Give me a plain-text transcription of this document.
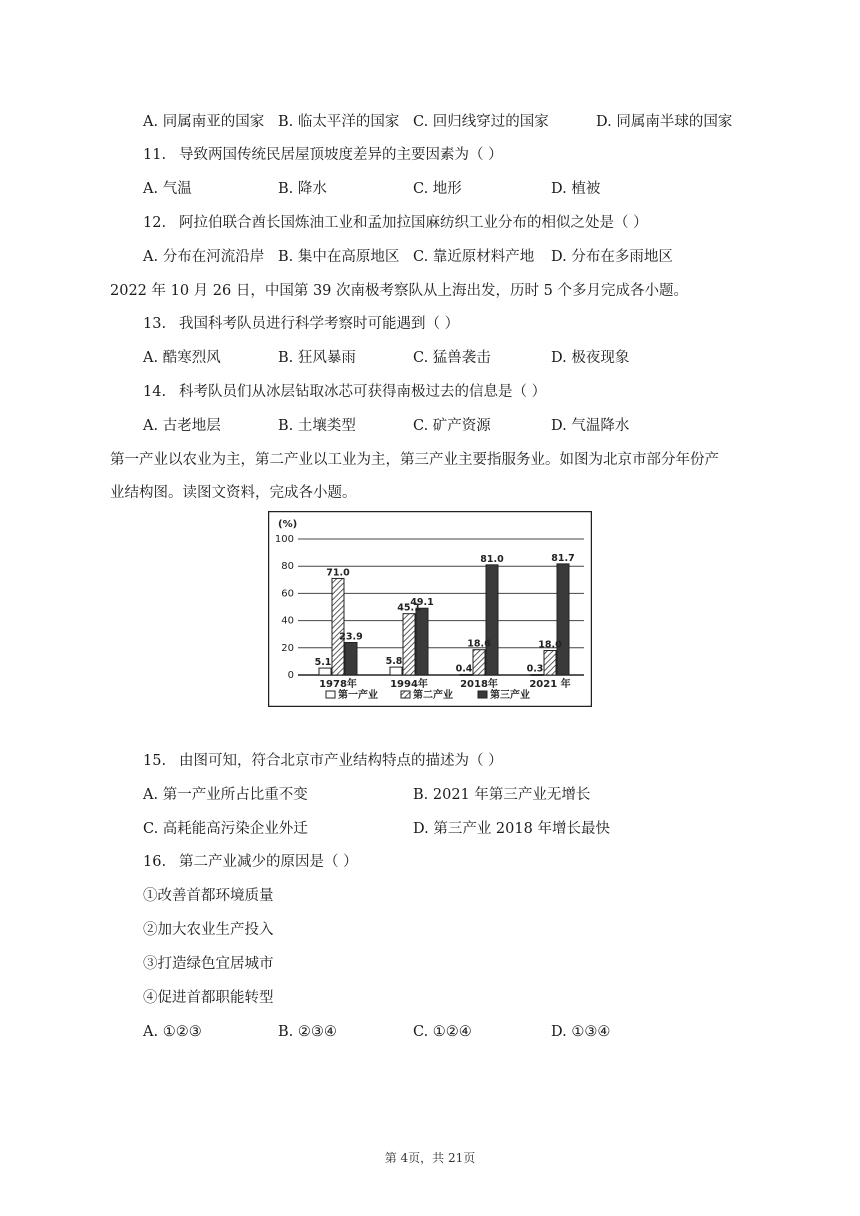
A. 同属南亚的国家 B. 临太平洋的国家 C. 回归线穿过的国家	D. 同属南半球的国家
11. 导致两国传统民居屋顶坡度差异的主要因素为（ ）
A. 气温	B. 降水	C. 地形	D. 植被
12. 阿拉伯联合酋长国炼油工业和孟加拉国麻纺织工业分布的相似之处是（ ）
A. 分布在河流沿岸 B. 集中在高原地区 C. 靠近原材料产地 D. 分布在多雨地区
2022 年 10 月 26 日，中国第 39 次南极考察队从上海出发，历时 5 个多月完成各小题。
13. 我国科考队员进行科学考察时可能遇到（ ）
A. 酷寒烈风	B. 狂风暴雨	C. 猛兽袭击	D. 极夜现象
14. 科考队员们从冰层钻取冰芯可获得南极过去的信息是（ ）
A. 古老地层	B. 土壤类型	C. 矿产资源	D. 气温降水
第一产业以农业为主，第二产业以工业为主，第三产业主要指服务业。如图为北京市部分年份产
业结构图。读图文资料，完成各小题。
(%)
100
80
60
40
20
0
5.1
71.0
23.9
5.8
45.1
49.1
0.4
18.6
81.0
0.3
18.0
81.7
1978年	1994年	2018年	2021 年
第一产业	第二产业	第三产业
15. 由图可知，符合北京市产业结构特点的描述为（ ）
A. 第一产业所占比重不变	B. 2021 年第三产业无增长
C. 高耗能高污染企业外迁	D. 第三产业 2018 年增长最快
16. 第二产业减少的原因是（ ）
①改善首都环境质量
②加大农业生产投入
③打造绿色宜居城市
④促进首都职能转型
A. ①②③	B. ②③④	C. ①②④	D. ①③④
第 4页，共 21页
